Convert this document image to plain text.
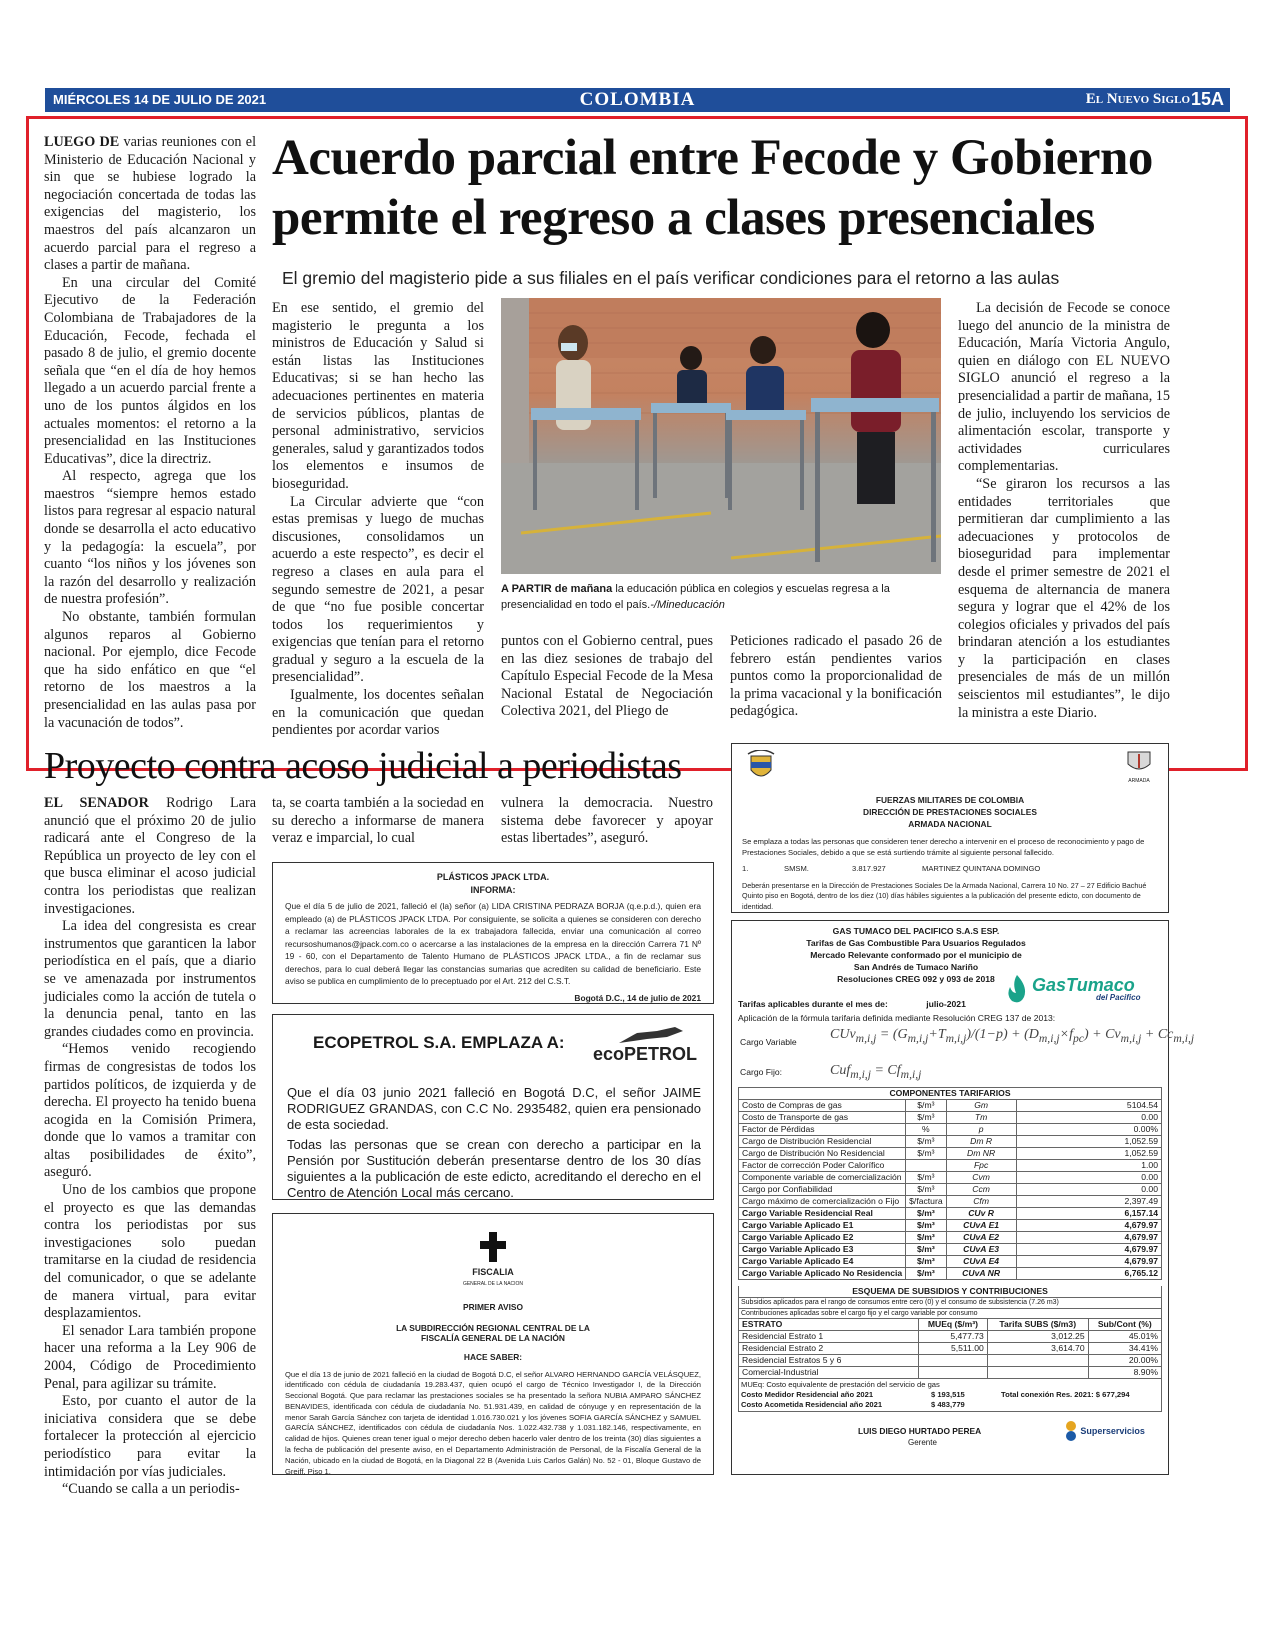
MIÉRCOLES 14 DE JULIO DE 2021	COLOMBIA	El Nuevo Siglo 15A

LUEGO DE varias reuniones con el Ministerio de Educación Nacional y sin que se hubiese logrado la negociación concertada de todas las exigencias del magisterio, los maestros del país alcanzaron un acuerdo parcial para el regreso a clases a partir de mañana.

En una circular del Comité Ejecutivo de la Federación Colombiana de Trabajadores de la Educación, Fecode, fechada el pasado 8 de julio, el gremio docente señala que “en el día de hoy hemos llegado a un acuerdo parcial frente a uno de los puntos álgidos en los actuales momentos: el retorno a la presencialidad en las Instituciones Educativas”, dice la directriz.

Al respecto, agrega que los maestros “siempre hemos estado listos para regresar al espacio natural donde se desarrolla el acto educativo y la pedagogía: la escuela”, por cuanto “los niños y los jóvenes son la razón del desarrollo y realización de nuestra profesión”.

No obstante, también formulan algunos reparos al Gobierno nacional. Por ejemplo, dice Fecode que ha sido enfático en que “el retorno de los maestros a la presencialidad en las aulas pasa por la vacunación de todos”.

Acuerdo parcial entre Fecode y Gobierno permite el regreso a clases presenciales
El gremio del magisterio pide a sus filiales en el país verificar condiciones para el retorno a las aulas

En ese sentido, el gremio del magisterio le pregunta a los ministros de Educación y Salud si están listas las Instituciones Educativas; si se han hecho las adecuaciones pertinentes en materia de servicios públicos, plantas de personal administrativo, servicios generales, salud y garantizados todos los elementos e insumos de bioseguridad.

La Circular advierte que “con estas premisas y luego de muchas discusiones, consolidamos un acuerdo a este respecto”, es decir el regreso a clases en aula para el segundo semestre de 2021, a pesar de que “no fue posible concertar todos los requerimientos y exigencias que tenían para el retorno gradual y seguro a la escuela de la presencialidad”.

Igualmente, los docentes señalan en la comunicación que quedan pendientes por acordar varios

A PARTIR de mañana la educación pública en colegios y escuelas regresa a la presencialidad en todo el país.-/Mineducación

puntos con el Gobierno central, pues en las diez sesiones de trabajo del Capítulo Especial Fecode de la Mesa Nacional Estatal de Negociación Colectiva 2021, del Pliego de

Peticiones radicado el pasado 26 de febrero están pendientes varios puntos como la proporcionalidad de la prima vacacional y la bonificación pedagógica.

La decisión de Fecode se conoce luego del anuncio de la ministra de Educación, María Victoria Angulo, quien en diálogo con EL NUEVO SIGLO anunció el regreso a la presencialidad a partir de mañana, 15 de julio, incluyendo los servicios de alimentación escolar, transporte y actividades curriculares complementarias.

“Se giraron los recursos a las entidades territoriales que permitieran dar cumplimiento a las adecuaciones y protocolos de bioseguridad para implementar desde el primer semestre de 2021 el esquema de alternancia de manera segura y lograr que el 42% de los colegios oficiales y privados del país brindaran atención a los estudiantes y la participación en clases presenciales de más de un millón seiscientos mil estudiantes”, le dijo la ministra a este Diario.

Proyecto contra acoso judicial a periodistas

EL SENADOR Rodrigo Lara anunció que el próximo 20 de julio radicará ante el Congreso de la República un proyecto de ley con el que busca eliminar el acoso judicial contra los periodistas que realizan investigaciones.

La idea del congresista es crear instrumentos que garanticen la labor periodística en el país, que a diario se ve amenazada por instrumentos judiciales como la acción de tutela o la denuncia penal, tanto en las grandes ciudades como en provincia.

“Hemos venido recogiendo firmas de congresistas de todos los partidos políticos, de izquierda y de derecha. El proyecto ha tenido buena acogida en la Comisión Primera, donde que lo vamos a tramitar con altas posibilidades de éxito”, aseguró.

Uno de los cambios que propone el proyecto es que las demandas contra los periodistas por sus investigaciones solo puedan tramitarse en la ciudad de residencia del comunicador, o que se adelante de manera virtual, para evitar desplazamientos.

El senador Lara también propone hacer una reforma a la Ley 906 de 2004, Código de Procedimiento Penal, para agilizar su trámite.

Esto, por cuanto el autor de la iniciativa considera que se debe fortalecer la protección al ejercicio periodístico para evitar la intimidación por vías judiciales.

“Cuando se calla a un periodis-

ta, se coarta también a la sociedad en su derecho a informarse de manera veraz e imparcial, lo cual

vulnera la democracia. Nuestro sistema debe favorecer y apoyar estas libertades”, aseguró.

PLÁSTICOS JPACK LTDA.
INFORMA:
Que el día 5 de julio de 2021, falleció el (la) señor (a) LIDA CRISTINA PEDRAZA BORJA (q.e.p.d.), quien era empleado (a) de PLÁSTICOS JPACK LTDA. Por consiguiente, se solicita a quienes se consideren con derecho a reclamar las acreencias laborales de la ex trabajadora fallecida, enviar una comunicación al correo recursoshumanos@jpack.com.co o acercarse a las instalaciones de la empresa en la dirección Carrera 71 Nº 19 - 60, con el Departamento de Talento Humano de PLÁSTICOS JPACK LTDA., a fin de reclamar sus derechos, para lo cual deberá llegar las constancias sumarias que acrediten su calidad de beneficiario. Este aviso se publica en cumplimiento de lo preceptuado por el Art. 212 del C.S.T.
Bogotá D.C., 14 de julio de 2021
ECOPETROL S.A. EMPLAZA A:
ecoPETROL

Que el día 03 junio 2021 falleció en Bogotá D.C, el señor JAIME RODRIGUEZ GRANDAS, con C.C No. 2935482, quien era pensionado de esta sociedad.

Todas las personas que se crean con derecho a participar en la Pensión por Sustitución deberán presentarse dentro de los 30 días siguientes a la publicación de este edicto, acreditando el derecho en el Centro de Atención Local más cercano.

FISCALIA
GENERAL DE LA NACION
PRIMER AVISO
LA SUBDIRECCIÓN REGIONAL CENTRAL DE LA
FISCALÍA GENERAL DE LA NACIÓN
HACE SABER:
Que el día 13 de junio de 2021 falleció en la ciudad de Bogotá D.C, el señor ALVARO HERNANDO GARCÍA VELÁSQUEZ, identificado con cédula de ciudadanía 19.283.437, quien ocupó el cargo de Técnico Investigador I, de la Dirección Seccional Bogotá. Que para reclamar las prestaciones sociales se ha presentado la señora NUBIA AMPARO SÁNCHEZ BENAVIDES, identificada con cédula de ciudadanía No. 51.931.439, en calidad de cónyuge y en representación de la menor Sarah García Sánchez con tarjeta de identidad 1.016.730.021 y los jóvenes SOFIA GARCÍA SÁNCHEZ y SAMUEL GARCÍA SÁNCHEZ, identificados con cédula de ciudadanía Nos. 1.022.432.738 y 1.031.182.146, respectivamente, en calidad de hijos. Quienes crean tener igual o mejor derecho deben hacerlo valer dentro de los treinta (30) días siguientes a la fecha de publicación del presente aviso, en el Departamento Administración de Personal, de la Fiscalía General de la Nación, ubicado en la ciudad de Bogotá, en la Diagonal 22 B (Avenida Luis Carlos Galán) No. 52 - 01, Bloque Gustavo de Greiff, Piso 1.
ARMADA
FUERZAS MILITARES DE COLOMBIA
DIRECCIÓN DE PRESTACIONES SOCIALES
ARMADA NACIONAL
Se emplaza a todas las personas que consideren tener derecho a intervenir en el proceso de reconocimiento y pago de Prestaciones Sociales, debido a que se está surtiendo trámite al siguiente personal fallecido.
1.	SMSM.	3.817.927	MARTINEZ QUINTANA DOMINGO
Deberán presentarse en la Dirección de Prestaciones Sociales De la Armada Nacional, Carrera 10 No. 27 – 27 Edificio Bachué Quinto piso en Bogotá, dentro de los diez (10) días hábiles siguientes a la publicación del presente edicto, con documento de identidad.
GAS TUMACO DEL PACIFICO S.A.S ESP.
Tarifas de Gas Combustible Para Usuarios Regulados
Mercado Relevante conformado por el municipio de
San Andrés de Tumaco Nariño
Resoluciones CREG 092 y 093 de 2018	GasTumaco
del Pacifico
Tarifas aplicables durante el mes de:	julio-2021
Aplicación de la fórmula tarifaria definida mediante Resolución CREG 137 de 2013:
Cargo Variable $CUv_{m,i,j} = (G_{m,i,j}+T_{m,i,j})/(1-p) + (D_{m,i,j}\times f_{pc}) + Cv_{m,i,j} + Cc_{m,i,j}$
Cargo Fijo:	$Cuf_{m,i,j} = Cf_{m,i,j}$
COMPONENTES TARIFARIOS
Costo de Compras de gas	$/m³	Gm	5104.54
Costo de Transporte de gas	$/m³	Tm	0.00
Factor de Pérdidas	%	p	0.00%
Cargo de Distribución Residencial	$/m³	Dm R	1,052.59
Cargo de Distribución No Residencial	$/m³	Dm NR	1,052.59
Factor de corrección Poder Calorífico		Fpc	1.00
Componente variable de comercialización	$/m³	Cvm	0.00
Cargo por Confiabilidad	$/m³	Ccm	0.00
Cargo máximo de comercialización o Fijo	$/factura	Cfm	2,397.49
Cargo Variable Residencial Real	$/m³	CUv R	6,157.14
Cargo Variable Aplicado E1	$/m³	CUvA E1	4,679.97
Cargo Variable Aplicado E2	$/m³	CUvA E2	4,679.97
Cargo Variable Aplicado E3	$/m³	CUvA E3	4,679.97
Cargo Variable Aplicado E4	$/m³	CUvA E4	4,679.97
Cargo Variable Aplicado No Residencia	$/m³	CUvA NR	6,765.12
ESQUEMA DE SUBSIDIOS Y CONTRIBUCIONES
Subsidios aplicados para el rango de consumos entre cero (0) y el consumo de subsistencia (7.26 m3)
Contribuciones aplicadas sobre el cargo fijo y el cargo variable por consumo
ESTRATO	MUEq ($/m³)	Tarifa SUBS ($/m3)	Sub/Cont (%)
Residencial Estrato 1	5,477.73	3,012.25	45.01%
Residencial Estrato 2	5,511.00	3,614.70	34.41%
Residencial Estratos 5 y 6			20.00%
Comercial-Industrial			8.90%
MUEq: Costo equivalente de prestación del servicio de gas
Costo Medidor Residencial año 2021	$ 193,515	Total conexión Res. 2021: $ 677,294
Costo Acometida Residencial año 2021	$ 483,779
LUIS DIEGO HURTADO PEREA
Gerente
Superservicios
